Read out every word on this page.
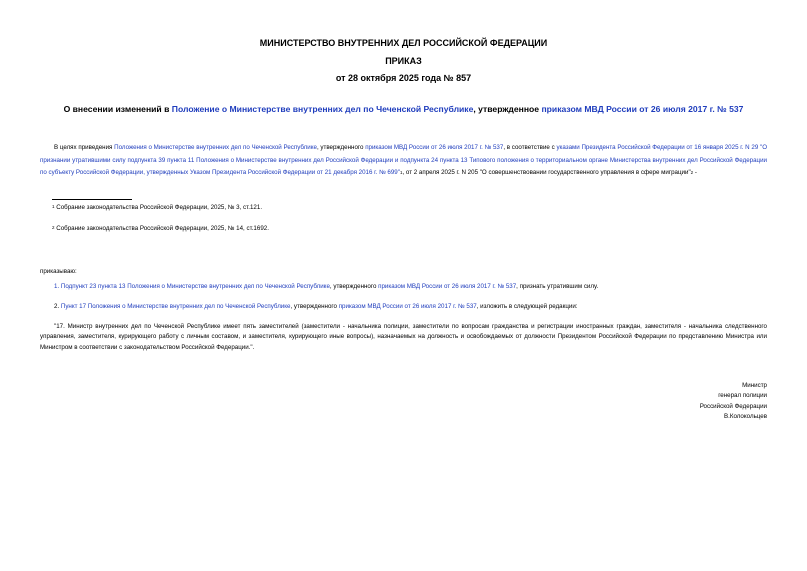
МИНИСТЕРСТВО ВНУТРЕННИХ ДЕЛ РОССИЙСКОЙ ФЕДЕРАЦИИ
ПРИКАЗ
от 28 октября 2025 года № 857
О внесении изменений в Положение о Министерстве внутренних дел по Чеченской Республике, утвержденное приказом МВД России от 26 июля 2017 г. № 537
В целях приведения Положения о Министерстве внутренних дел по Чеченской Республике, утвержденного приказом МВД России от 26 июля 2017 г. № 537, в соответствие с указами Президента Российской Федерации от 16 января 2025 г. N 29 "О признании утратившими силу подпункта 39 пункта 11 Положения о Министерстве внутренних дел Российской Федерации и подпункта 24 пункта 13 Типового положения о территориальном органе Министерства внутренних дел Российской Федерации по субъекту Российской Федерации, утвержденных Указом Президента Российской Федерации от 21 декабря 2016 г. № 699"$^1$, от 2 апреля 2025 г. N 205 "О совершенствовании государственного управления в сфере миграции"$^2$ -
$^1$ Собрание законодательства Российской Федерации, 2025, № 3, ст.121.
$^2$ Собрание законодательства Российской Федерации, 2025, № 14, ст.1692.
приказываю:
1. Подпункт 23 пункта 13 Положения о Министерстве внутренних дел по Чеченской Республике, утвержденного приказом МВД России от 26 июля 2017 г. № 537, признать утратившим силу.
2. Пункт 17 Положения о Министерстве внутренних дел по Чеченской Республике, утвержденного приказом МВД России от 26 июля 2017 г. № 537, изложить в следующей редакции:
"17. Министр внутренних дел по Чеченской Республике имеет пять заместителей (заместители - начальника полиции, заместители по вопросам гражданства и регистрации иностранных граждан, заместителя - начальника следственного управления, заместителя, курирующего работу с личным составом, и заместителя, курирующего иные вопросы), назначаемых на должность и освобождаемых от должности Президентом Российской Федерации по представлению Министра или Министром в соответствии с законодательством Российской Федерации.".
Министр
генерал полиции
Российской Федерации
В.Колокольцев
